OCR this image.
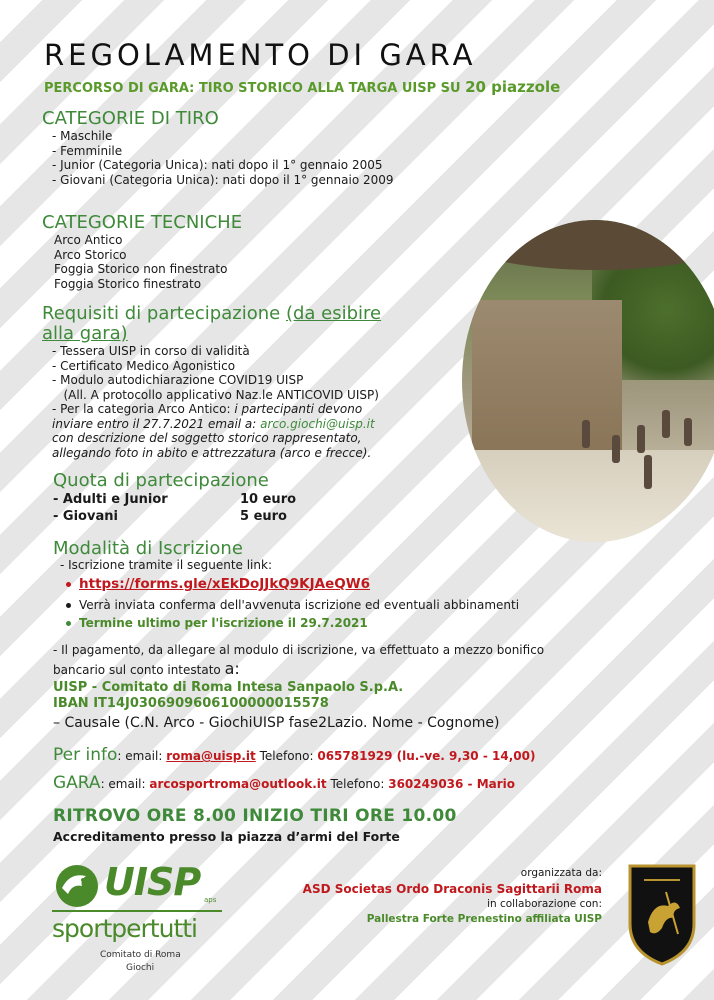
REGOLAMENTO DI GARA
PERCORSO DI GARA: TIRO STORICO ALLA TARGA UISP SU 20 piazzole
CATEGORIE DI TIRO
- Maschile
- Femminile
- Junior (Categoria Unica): nati dopo il 1° gennaio 2005
- Giovani (Categoria Unica): nati dopo il 1° gennaio 2009
CATEGORIE TECNICHE
Arco Antico
Arco Storico
Foggia Storico non finestrato
Foggia Storico finestrato
Requisiti di partecipazione (da esibire
alla gara)
- Tessera UISP in corso di validità
- Certificato Medico Agonistico
- Modulo autodichiarazione COVID19 UISP
(All. A protocollo applicativo Naz.le ANTICOVID UISP)
- Per la categoria Arco Antico: i partecipanti devono
inviare entro il 27.7.2021 email a: arco.giochi@uisp.it
con descrizione del soggetto storico rappresentato,
allegando foto in abito e attrezzatura (arco e frecce).
Quota di partecipazione
- Adulti e Junior	10 euro
- Giovani	5 euro
Modalità di Iscrizione
- Iscrizione tramite il seguente link:
https://forms.gle/xEkDoJJkQ9KJAeQW6
Verrà inviata conferma dell'avvenuta iscrizione ed eventuali abbinamenti
Termine ultimo per l'iscrizione il 29.7.2021
- Il pagamento, da allegare al modulo di iscrizione, va effettuato a mezzo bonifico
bancario sul conto intestato a:
UISP - Comitato di Roma Intesa Sanpaolo S.p.A.
IBAN IT14J0306909606100000015578
– Causale (C.N. Arco - GiochiUISP fase2Lazio. Nome - Cognome)
Per info: email: roma@uisp.it Telefono: 065781929 (lu.-ve. 9,30 - 14,00)
GARA: email: arcosportroma@outlook.it Telefono: 360249036 - Mario
RITROVO ORE 8.00 INIZIO TIRI ORE 10.00
Accreditamento presso la piazza d’armi del Forte
UISP aps
sportpertutti
Comitato di Roma
Giochi
organizzata da:
ASD Societas Ordo Draconis Sagittarii Roma
in collaborazione con:
Pallestra Forte Prenestino affiliata UISP
